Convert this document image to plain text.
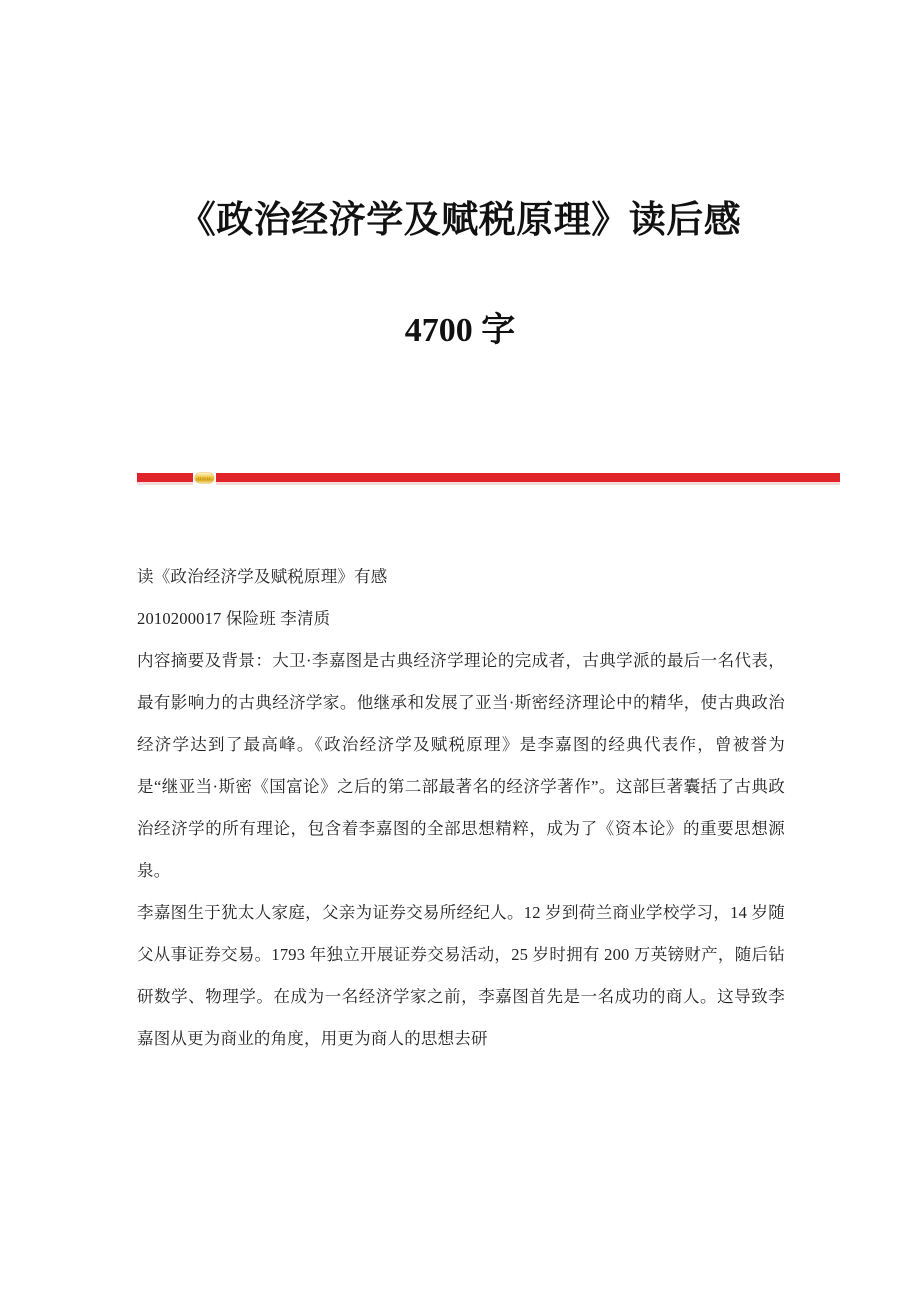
《政治经济学及赋税原理》读后感
4700 字

读《政治经济学及赋税原理》有感

2010200017 保险班 李清质

内容摘要及背景：大卫·李嘉图是古典经济学理论的完成者，古典学派的最后一名代表，最有影响力的古典经济学家。他继承和发展了亚当·斯密经济理论中的精华，使古典政治经济学达到了最高峰。《政治经济学及赋税原理》是李嘉图的经典代表作，曾被誉为是“继亚当·斯密《国富论》之后的第二部最著名的经济学著作”。这部巨著囊括了古典政治经济学的所有理论，包含着李嘉图的全部思想精粹，成为了《资本论》的重要思想源泉。

李嘉图生于犹太人家庭，父亲为证券交易所经纪人。12 岁到荷兰商业学校学习，14 岁随父从事证券交易。1793 年独立开展证券交易活动，25 岁时拥有 200 万英镑财产，随后钻研数学、物理学。在成为一名经济学家之前，李嘉图首先是一名成功的商人。这导致李嘉图从更为商业的角度，用更为商人的思想去研
